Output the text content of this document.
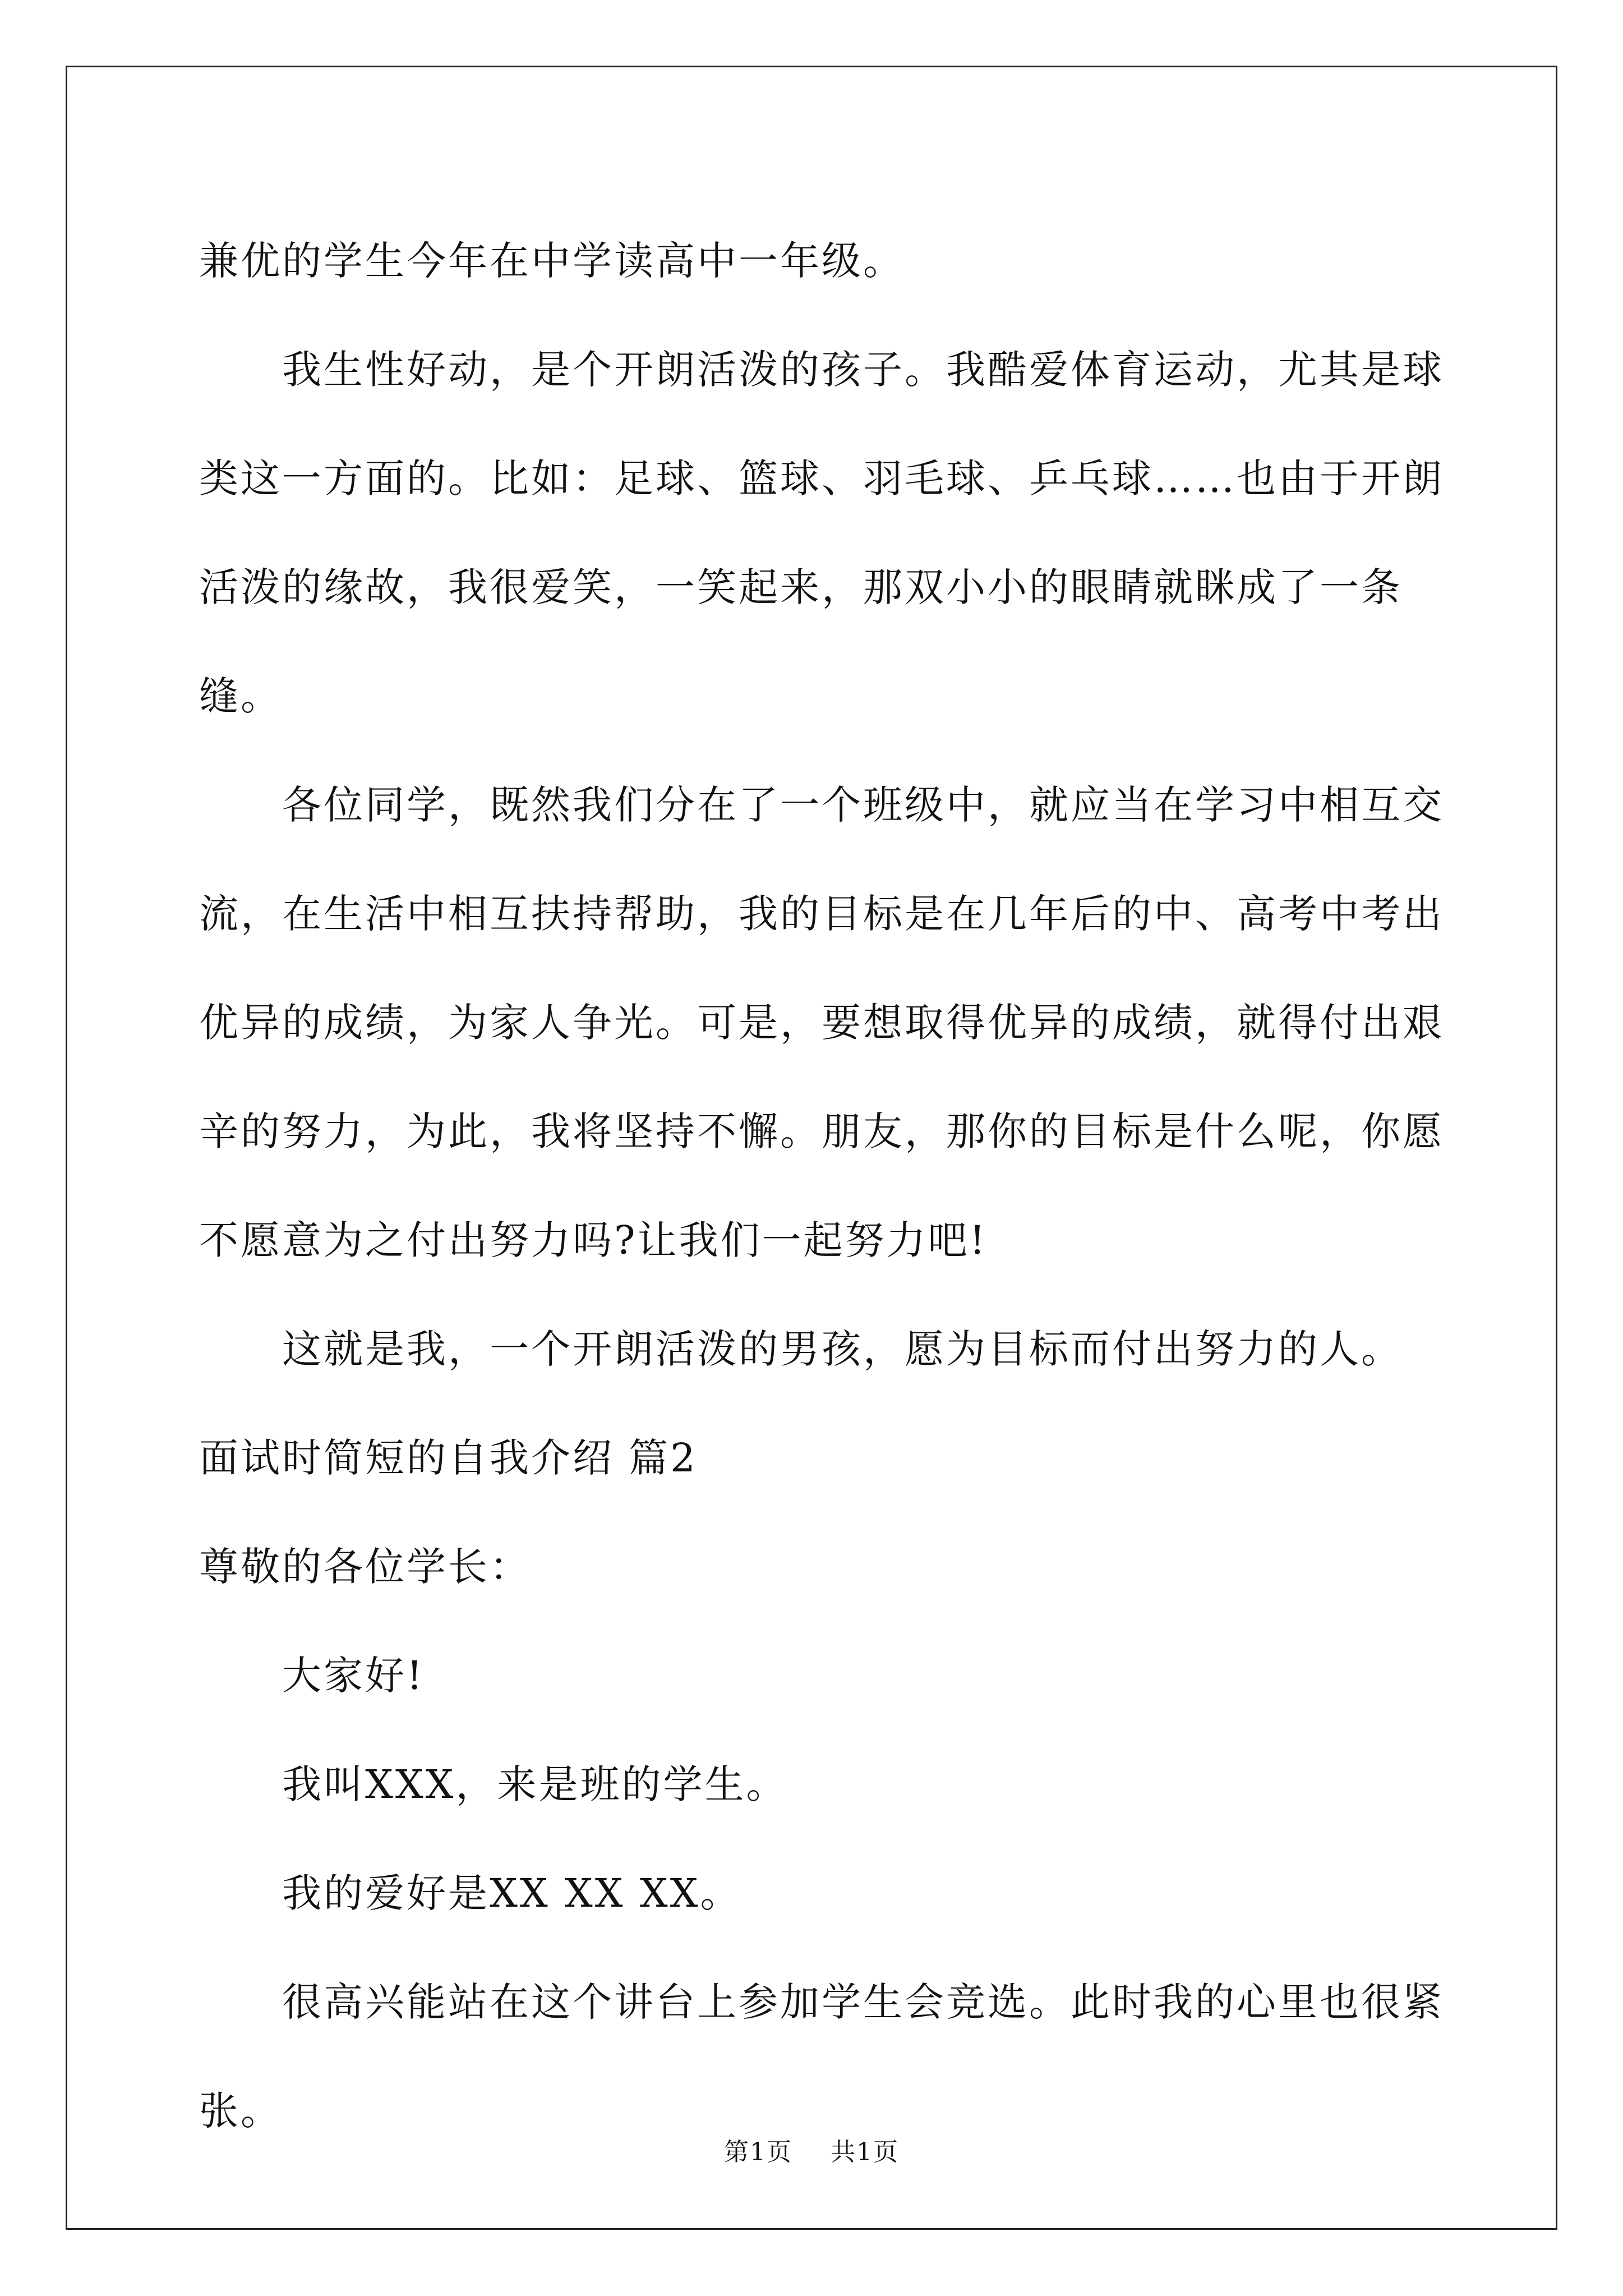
兼优的学生今年在中学读高中一年级。

我生性好动，是个开朗活泼的孩子。我酷爱体育运动，尤其是球类这一方面的。比如：足球、篮球、羽毛球、乒乓球……也由于开朗活泼的缘故，我很爱笑，一笑起来，那双小小的眼睛就眯成了一条缝。

各位同学，既然我们分在了一个班级中，就应当在学习中相互交流，在生活中相互扶持帮助，我的目标是在几年后的中、高考中考出优异的成绩，为家人争光。可是，要想取得优异的成绩，就得付出艰辛的努力，为此，我将坚持不懈。朋友，那你的目标是什么呢，你愿不愿意为之付出努力吗?让我们一起努力吧!

这就是我，一个开朗活泼的男孩，愿为目标而付出努力的人。

面试时简短的自我介绍 篇2

尊敬的各位学长：

大家好!

我叫XXX，来是班的学生。

我的爱好是XX XX XX。

很高兴能站在这个讲台上参加学生会竞选。此时我的心里也很紧张。

第1页 共1页
